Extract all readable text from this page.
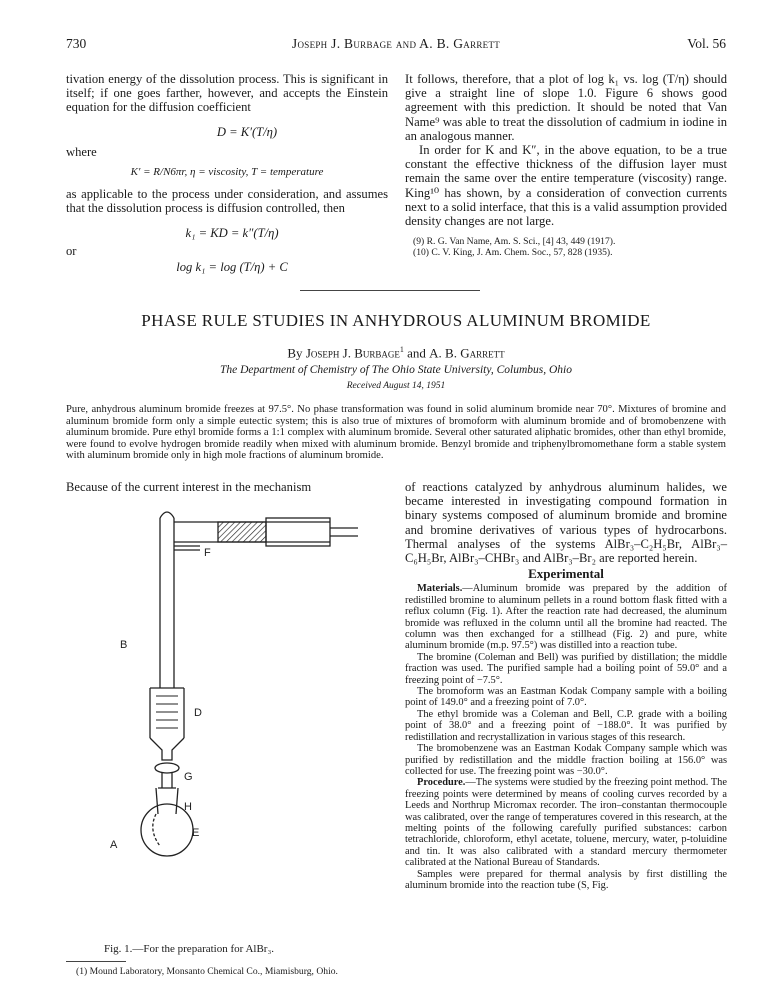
730	Joseph J. Burbage and A. B. Garrett	Vol. 56

tivation energy of the dissolution process. This is significant in itself; if one goes farther, however, and accepts the Einstein equation for the diffusion coefficient

D = K′(T/η)

where

K′ = R/N6πr, η = viscosity, T = temperature

as applicable to the process under consideration, and assumes that the dissolution process is diffusion controlled, then

k₁ = KD = k″(T/η)

or

log k₁ = log (T/η) + C

It follows, therefore, that a plot of log k₁ vs. log (T/η) should give a straight line of slope 1.0. Figure 6 shows good agreement with this prediction. It should be noted that Van Name⁹ was able to treat the dissolution of cadmium in iodine in an analogous manner.

In order for K and K″, in the above equation, to be a true constant the effective thickness of the diffusion layer must remain the same over the entire temperature (viscosity) range. King¹⁰ has shown, by a consideration of convection currents next to a solid interface, that this is a valid assumption provided density changes are not large.

(9) R. G. Van Name, Am. S. Sci., [4] 43, 449 (1917).

(10) C. V. King, J. Am. Chem. Soc., 57, 828 (1935).

PHASE RULE STUDIES IN ANHYDROUS ALUMINUM BROMIDE
By Joseph J. Burbage$^1$ and A. B. Garrett
The Department of Chemistry of The Ohio State University, Columbus, Ohio
Received August 14, 1951
Pure, anhydrous aluminum bromide freezes at 97.5°. No phase transformation was found in solid aluminum bromide near 70°. Mixtures of bromine and aluminum bromide form only a simple eutectic system; this is also true of mixtures of bromoform with aluminum bromide and of bromobenzene with aluminum bromide. Pure ethyl bromide forms a 1:1 complex with aluminum bromide. Several other saturated aliphatic bromides, other than ethyl bromide, were found to evolve hydrogen bromide readily when mixed with aluminum bromide. Benzyl bromide and triphenylbromomethane form a stable system with aluminum bromide only in high mole fractions of aluminum bromide.

Because of the current interest in the mechanism

F
B
D
G
H
E
A
Fig. 1.—For the preparation for AlBr₃.
(1) Mound Laboratory, Monsanto Chemical Co., Miamisburg, Ohio.

of reactions catalyzed by anhydrous aluminum halides, we became interested in investigating compound formation in binary systems composed of aluminum bromide and bromine and bromine derivatives of various types of hydrocarbons. Thermal analyses of the systems AlBr₃–C₂H₅Br, AlBr₃–C₆H₅Br, AlBr₃–CHBr₃ and AlBr₃–Br₂ are reported herein.

Experimental

Materials.—Aluminum bromide was prepared by the addition of redistilled bromine to aluminum pellets in a round bottom flask fitted with a reflux column (Fig. 1). After the reaction rate had decreased, the aluminum bromide was refluxed in the column until all the bromine had reacted. The column was then exchanged for a stillhead (Fig. 2) and pure, white aluminum bromide (m.p. 97.5°) was distilled into a reaction tube.

The bromine (Coleman and Bell) was purified by distillation; the middle fraction was used. The purified sample had a boiling point of 59.0° and a freezing point of −7.5°.

The bromoform was an Eastman Kodak Company sample with a boiling point of 149.0° and a freezing point of 7.0°.

The ethyl bromide was a Coleman and Bell, C.P. grade with a boiling point of 38.0° and a freezing point of −188.0°. It was purified by redistillation and recrystallization in various stages of this research.

The bromobenzene was an Eastman Kodak Company sample which was purified by redistillation and the middle fraction boiling at 156.0° was collected for use. The freezing point was −30.0°.

Procedure.—The systems were studied by the freezing point method. The freezing points were determined by means of cooling curves recorded by a Leeds and Northrup Micromax recorder. The iron–constantan thermocouple was calibrated, over the range of temperatures covered in this research, at the melting points of the following carefully purified substances: carbon tetrachloride, chloroform, ethyl acetate, toluene, mercury, water, p-toluidine and tin. It was also calibrated with a standard mercury thermometer calibrated at the National Bureau of Standards.

Samples were prepared for thermal analysis by first distilling the aluminum bromide into the reaction tube (S, Fig.
